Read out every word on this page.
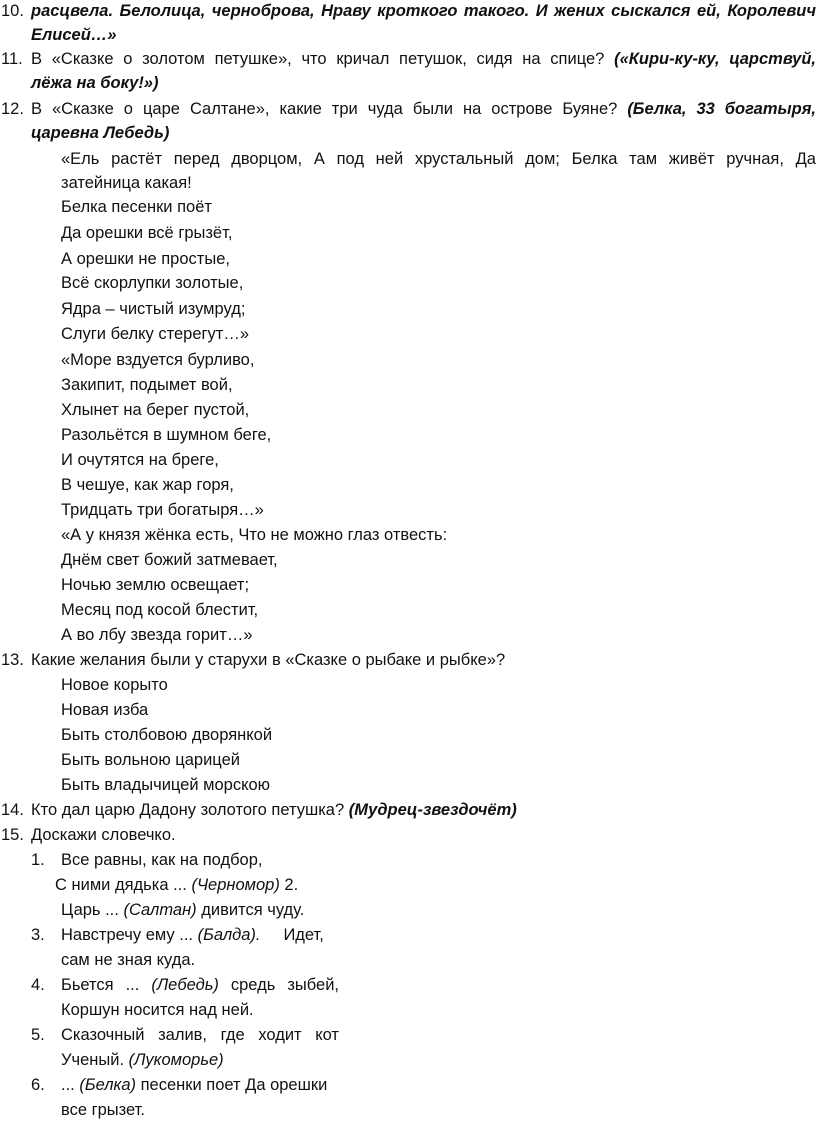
10. расцвела. Белолица, черноброва, Нраву кроткого такого. И жених сыскался ей, Королевич
Елисей…»
11. В «Сказке о золотом петушке», что кричал петушок, сидя на спице? («Кири-ку-ку, царствуй,
лёжа на боку!»)
12. В «Сказке о царе Салтане», какие три чуда были на острове Буяне? (Белка, 33 богатыря,
царевна Лебедь)
«Ель растёт перед дворцом, А под ней хрустальный дом; Белка там живёт ручная, Да
затейница какая!
Белка песенки поёт
Да орешки всё грызёт,
А орешки не простые,
Всё скорлупки золотые,
Ядра – чистый изумруд;
Слуги белку стерегут…»
«Море вздуется бурливо,
Закипит, подымет вой,
Хлынет на берег пустой,
Разольётся в шумном беге,
И очутятся на бреге,
В чешуе, как жар горя,
Тридцать три богатыря…»
«А у князя жёнка есть, Что не можно глаз отвесть:
Днём свет божий затмевает,
Ночью землю освещает;
Месяц под косой блестит,
А во лбу звезда горит…»
13. Какие желания были у старухи в «Сказке о рыбаке и рыбке»?
Новое корыто
Новая изба
Быть столбовою дворянкой
Быть вольною царицей
Быть владычицей морскою
14. Кто дал царю Дадону золотого петушка? (Мудрец-звездочёт)
15. Доскажи словечко.
1. Все равны, как на подбор,
С ними дядька ... (Черномор) 2.
Царь ... (Салтан) дивится чуду.
3. Навстречу ему ... (Балда). Идет,
сам не зная куда.
4. Бьется ... (Лебедь) средь зыбей,
Коршун носится над ней.
5. Сказочный залив, где ходит кот
Ученый. (Лукоморье)
6. ... (Белка) песенки поет Да орешки
все грызет.
